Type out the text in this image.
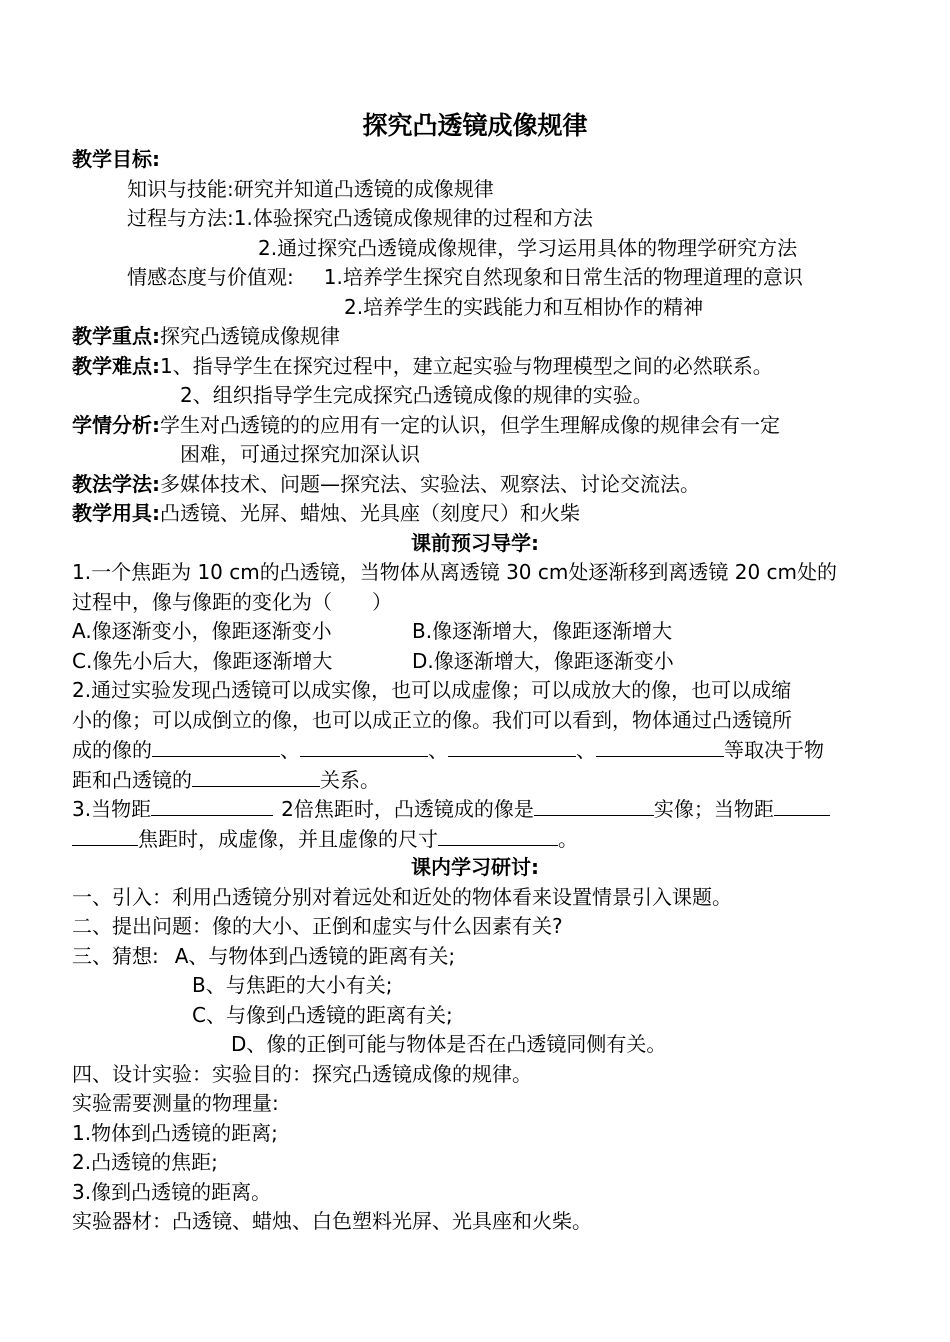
探究凸透镜成像规律
教学目标:
知识与技能:研究并知道凸透镜的成像规律
过程与方法:1.体验探究凸透镜成像规律的过程和方法
2.通过探究凸透镜成像规律，学习运用具体的物理学研究方法
情感态度与价值观: 1.培养学生探究自然现象和日常生活的物理道理的意识
2.培养学生的实践能力和互相协作的精神
教学重点:探究凸透镜成像规律
教学难点:1、指导学生在探究过程中，建立起实验与物理模型之间的必然联系。
2、组织指导学生完成探究凸透镜成像的规律的实验。
学情分析:学生对凸透镜的的应用有一定的认识，但学生理解成像的规律会有一定
困难，可通过探究加深认识
教法学法:多媒体技术、问题—探究法、实验法、观察法、讨论交流法。
教学用具:凸透镜、光屏、蜡烛、光具座（刻度尺）和火柴
课前预习导学:
1.一个焦距为 10 cm的凸透镜，当物体从离透镜 30 cm处逐渐移到离透镜 20 cm处的
过程中，像与像距的变化为（　　）
A.像逐渐变小，像距逐渐变小	B.像逐渐增大，像距逐渐增大
C.像先小后大，像距逐渐增大	D.像逐渐增大，像距逐渐变小
2.通过实验发现凸透镜可以成实像，也可以成虚像；可以成放大的像，也可以成缩
小的像；可以成倒立的像，也可以成正立的像。我们可以看到，物体通过凸透镜所
成的像的	、	、	、	等取决于物
距和凸透镜的	关系。
3.当物距	2倍焦距时，凸透镜成的像是	实像；当物距
焦距时，成虚像，并且虚像的尺寸	。
课内学习研讨:
一、引入：利用凸透镜分别对着远处和近处的物体看来设置情景引入课题。
二、提出问题：像的大小、正倒和虚实与什么因素有关?
三、猜想: A、与物体到凸透镜的距离有关;
B、与焦距的大小有关;
C、与像到凸透镜的距离有关;
D、像的正倒可能与物体是否在凸透镜同侧有关。
四、设计实验：实验目的：探究凸透镜成像的规律。
实验需要测量的物理量:
1.物体到凸透镜的距离;
2.凸透镜的焦距;
3.像到凸透镜的距离。
实验器材：凸透镜、蜡烛、白色塑料光屏、光具座和火柴。
